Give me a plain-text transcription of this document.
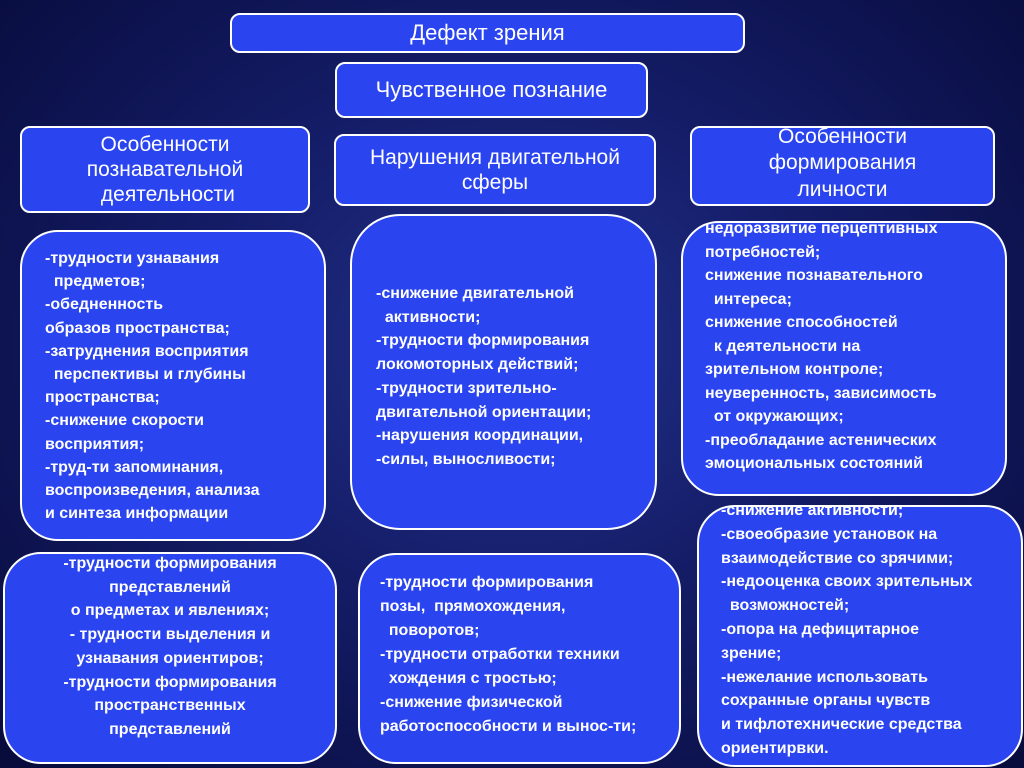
Дефект зрения
Чувственное познание
Особенности
познавательной
деятельности
Нарушения двигательной
сферы
Особенности
формирования
личности
-трудности узнавания
предметов;
-обедненность
образов пространства;
-затруднения восприятия
перспективы и глубины
пространства;
-снижение скорости
восприятия;
-труд-ти запоминания,
воспроизведения, анализа
и синтеза информации
-трудности формирования
представлений
о предметах и явлениях;
- трудности выделения и
узнавания ориентиров;
-трудности формирования
пространственных
представлений
-снижение двигательной
активности;
-трудности формирования
локомоторных действий;
-трудности зрительно-
двигательной ориентации;
-нарушения координации,
-силы, выносливости;
-трудности формирования
позы,  прямохождения,
поворотов;
-трудности отработки техники
хождения с тростью;
-снижение физической
работоспособности и вынос-ти;
недоразвитие перцептивных
потребностей;
снижение познавательного
интереса;
снижение способностей
к деятельности на
зрительном контроле;
неуверенность, зависимость
от окружающих;
-преобладание астенических
эмоциональных состояний
-снижение активности;
-своеобразие установок на
взаимодействие со зрячими;
-недооценка своих зрительных
возможностей;
-опора на дефицитарное
зрение;
-нежелание использовать
сохранные органы чувств
и тифлотехнические средства
ориентирвки.
